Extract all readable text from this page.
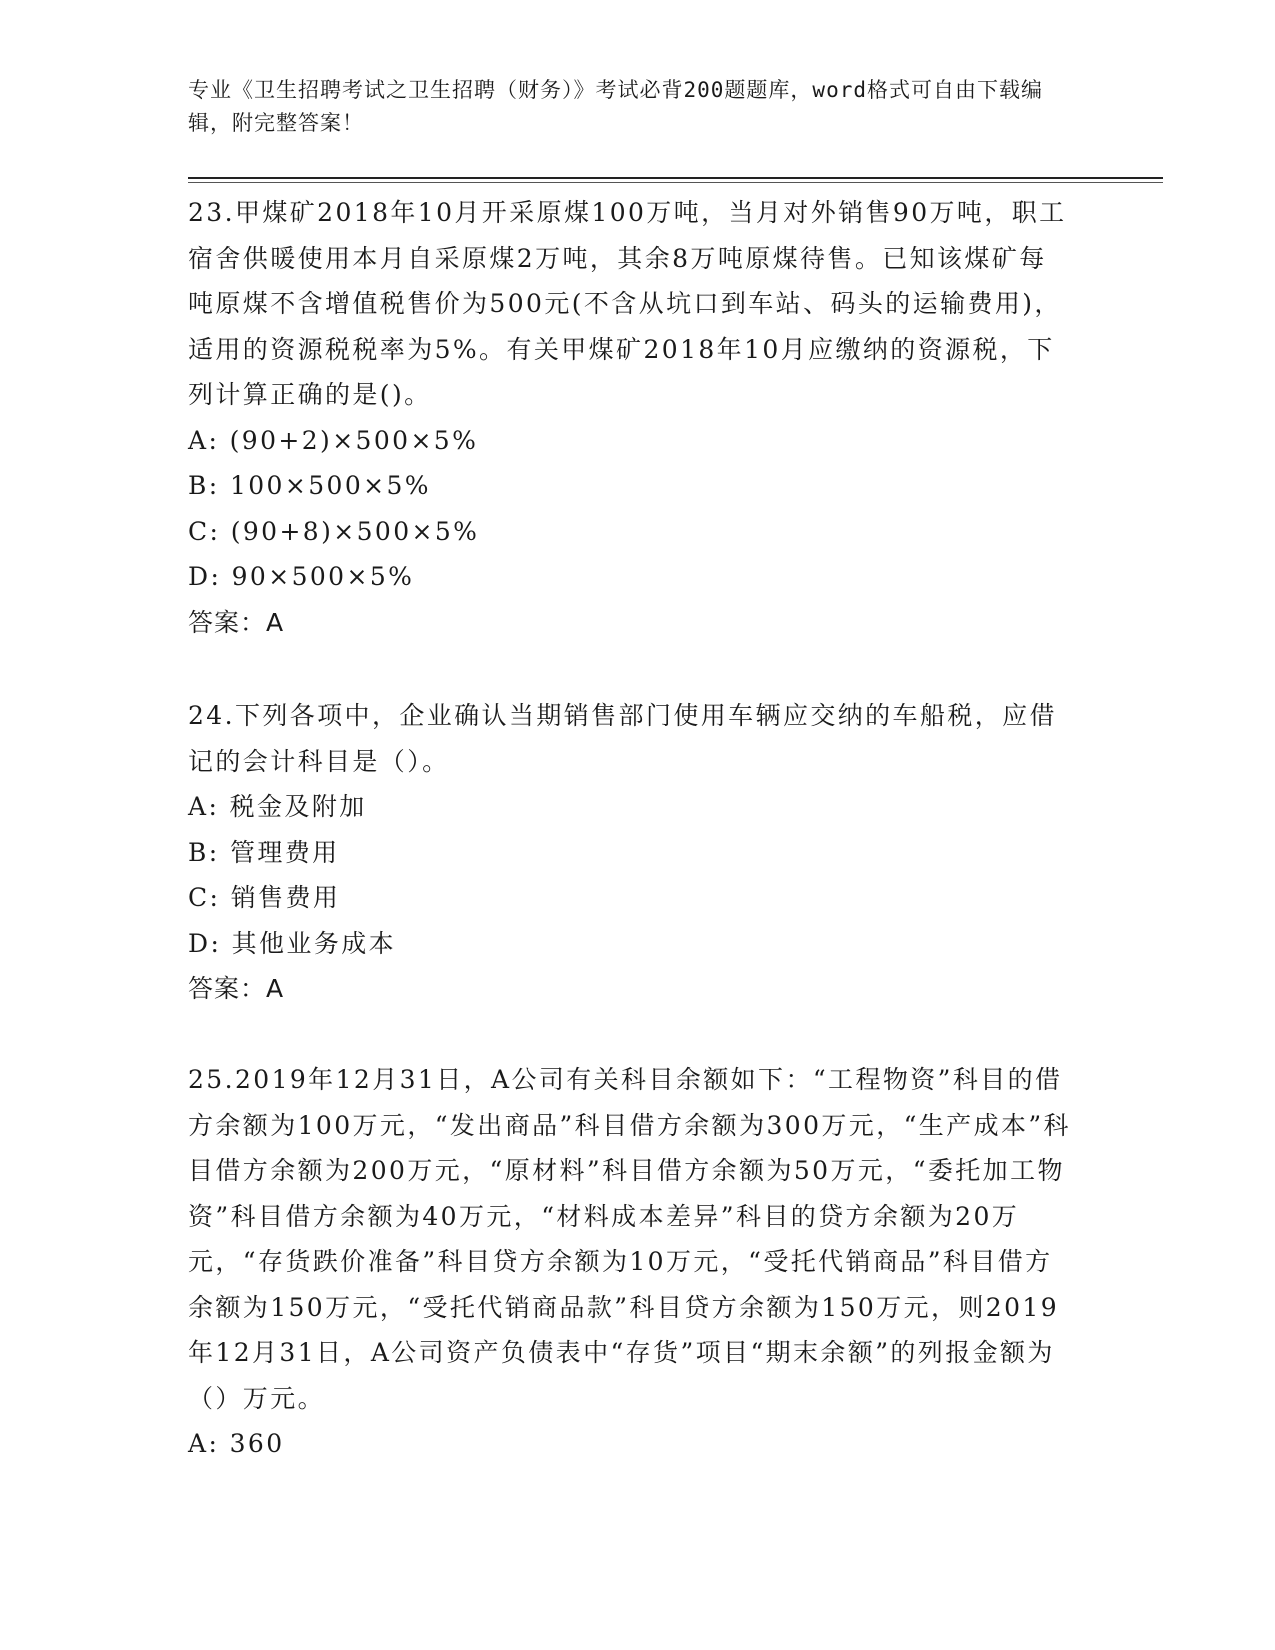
专业《卫生招聘考试之卫生招聘（财务）》考试必背200题题库，word格式可自由下载编辑，附完整答案！

23.甲煤矿2018年10月开采原煤100万吨，当月对外销售90万吨，职工宿舍供暖使用本月自采原煤2万吨，其余8万吨原煤待售。已知该煤矿每吨原煤不含增值税售价为500元(不含从坑口到车站、码头的运输费用)，适用的资源税税率为5%。有关甲煤矿2018年10月应缴纳的资源税，下列计算正确的是()。

A: (90+2)×500×5%

B: 100×500×5%

C: (90+8)×500×5%

D: 90×500×5%

答案：A

24.下列各项中，企业确认当期销售部门使用车辆应交纳的车船税，应借记的会计科目是（）。

A: 税金及附加

B: 管理费用

C: 销售费用

D: 其他业务成本

答案：A

25.2019年12月31日，A公司有关科目余额如下：“工程物资”科目的借方余额为100万元，“发出商品”科目借方余额为300万元，“生产成本”科目借方余额为200万元，“原材料”科目借方余额为50万元，“委托加工物资”科目借方余额为40万元，“材料成本差异”科目的贷方余额为20万元，“存货跌价准备”科目贷方余额为10万元，“受托代销商品”科目借方余额为150万元，“受托代销商品款”科目贷方余额为150万元，则2019年12月31日，A公司资产负债表中“存货”项目“期末余额”的列报金额为（）万元。

A: 360
